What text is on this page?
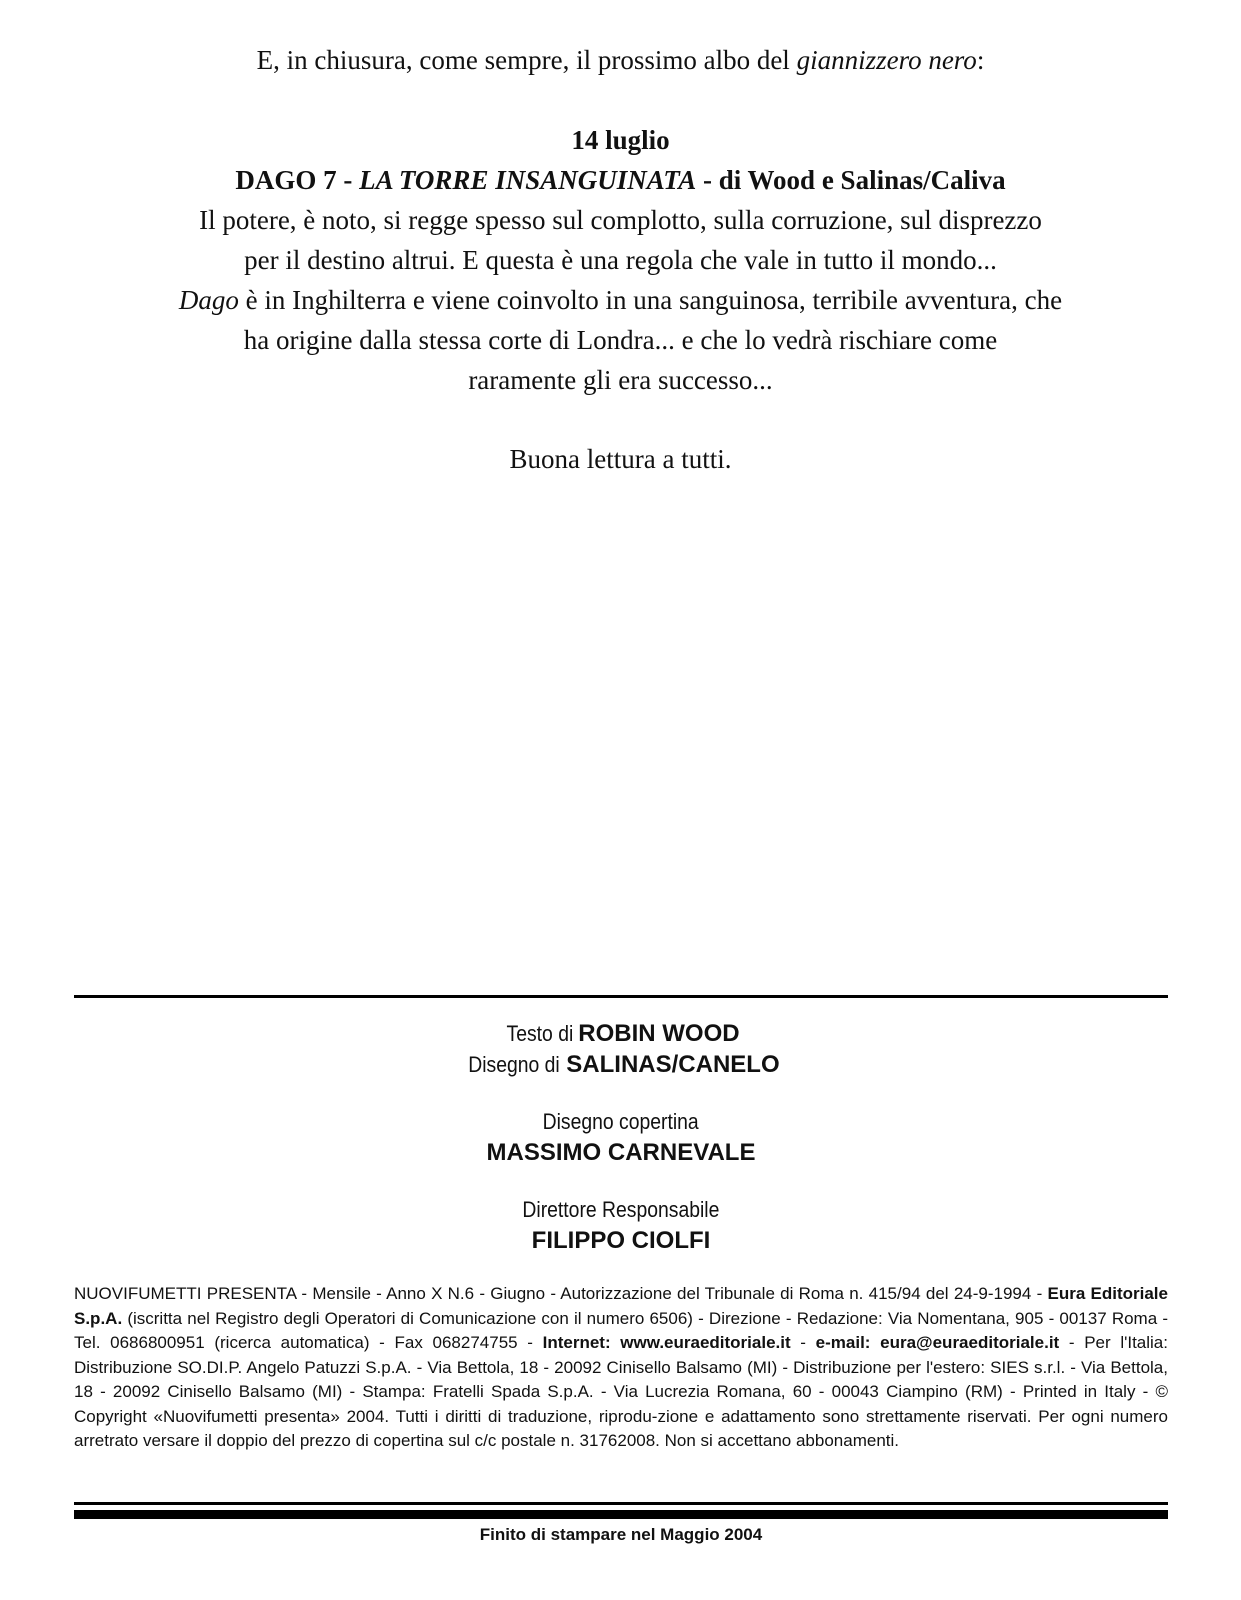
E, in chiusura, come sempre, il prossimo albo del giannizzero nero:

14 luglio

DAGO 7 - LA TORRE INSANGUINATA - di Wood e Salinas/Caliva

Il potere, è noto, si regge spesso sul complotto, sulla corruzione, sul disprezzo

per il destino altrui. E questa è una regola che vale in tutto il mondo...

Dago è in Inghilterra e viene coinvolto in una sanguinosa, terribile avventura, che

ha origine dalla stessa corte di Londra... e che lo vedrà rischiare come

raramente gli era successo...

Buona lettura a tutti.

Testo diROBIN WOOD

Disegno diSALINAS/CANELO

Disegno copertina

MASSIMO CARNEVALE

Direttore Responsabile

FILIPPO CIOLFI

NUOVIFUMETTI PRESENTA - Mensile - Anno X N.6 - Giugno - Autorizzazione del Tribunale di Roma n. 415/94 del 24-9-1994 - Eura Editoriale S.p.A. (iscritta nel Registro degli Operatori di Comunicazione con il numero 6506) - Direzione - Redazione: Via Nomentana, 905 - 00137 Roma - Tel. 0686800951 (ricerca automatica) - Fax 068274755 - Internet: www.euraeditoriale.it - e-mail: eura@euraeditoriale.it - Per l'Italia: Distribuzione SO.DI.P. Angelo Patuzzi S.p.A. - Via Bettola, 18 - 20092 Cinisello Balsamo (MI) - Distribuzione per l'estero: SIES s.r.l. - Via Bettola, 18 - 20092 Cinisello Balsamo (MI) - Stampa: Fratelli Spada S.p.A. - Via Lucrezia Romana, 60 - 00043 Ciampino (RM) - Printed in Italy - © Copyright «Nuovifumetti presenta» 2004. Tutti i diritti di traduzione, riprodu-zione e adattamento sono strettamente riservati. Per ogni numero arretrato versare il doppio del prezzo di copertina sul c/c postale n. 31762008. Non si accettano abbonamenti.
Finito di stampare nel Maggio 2004
